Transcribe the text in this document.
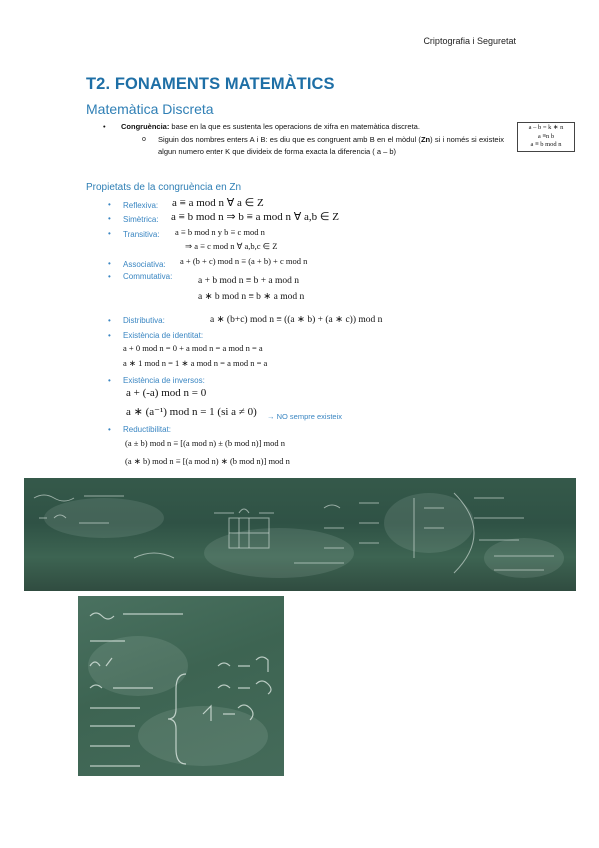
Criptografia i Seguretat
T2. FONAMENTS MATEMÀTICS
Matemàtica Discreta
• Congruència: base en la que es sustenta les operacions de xifra en matemàtica discreta.
o Siguin dos nombres enters A i B: es diu que es congruent amb B en el mòdul (Zn) si i només si existeix algun numero enter K que divideix de forma exacta la diferencia ( a – b)
a – b = k ∗ n
a ≡n b
a ≡ b mod n
Propietats de la congruència en Zn
• Reflexiva: a ≡ a mod n ∀ a ∈ Z
• Simètrica: a ≡ b mod n ⇒ b ≡ a mod n ∀ a,b ∈ Z
• Transitiva: a ≡ b mod n y b ≡ c mod n
⇒ a ≡ c mod n ∀ a,b,c ∈ Z
• Associativa: a + (b + c) mod n ≡ (a + b) + c mod n
• Commutativa:	a + b mod n ≡ b + a mod n
a ∗ b mod n ≡ b ∗ a mod n
• Distributiva:	a ∗ (b+c) mod n ≡ ((a ∗ b) + (a ∗ c)) mod n
• Existència de identitat:
a + 0 mod n = 0 + a mod n = a mod n = a
a ∗ 1 mod n = 1 ∗ a mod n = a mod n = a
• Existència de inversos:
a + (-a) mod n = 0
a ∗ (a⁻¹) mod n = 1 (si a ≠ 0) → NO sempre existeix
• Reductibilitat:
(a ± b) mod n ≡ [(a mod n) ± (b mod n)] mod n
(a ∗ b) mod n ≡ [(a mod n) ∗ (b mod n)] mod n
